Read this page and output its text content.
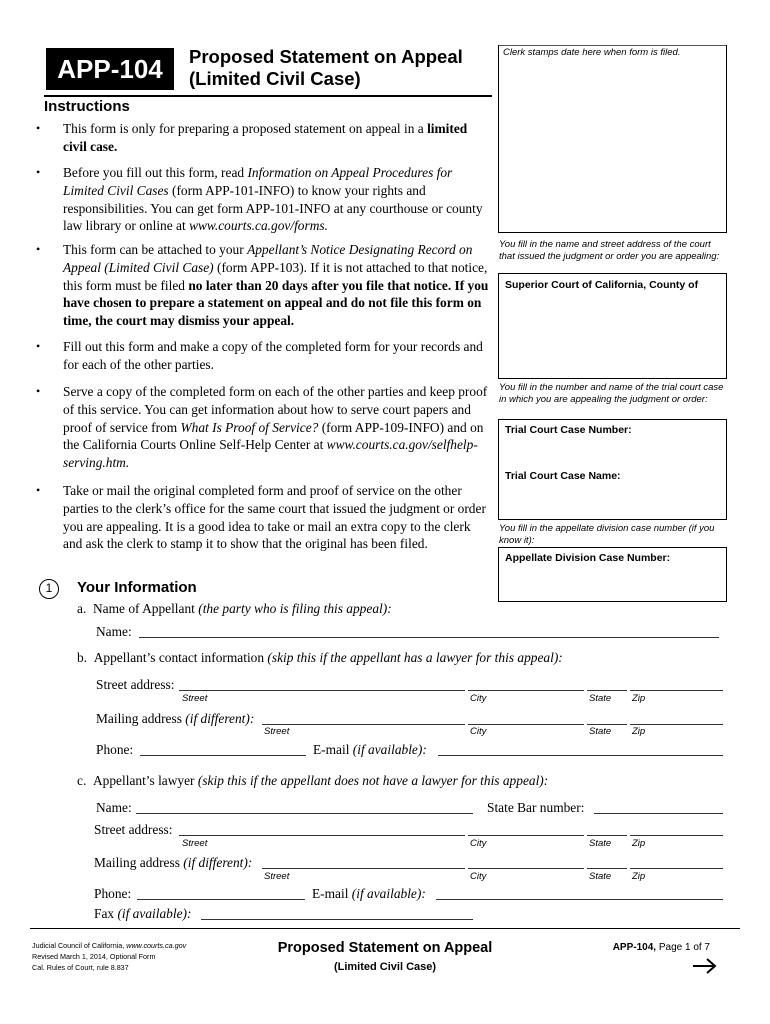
APP-104	Proposed Statement on Appeal
(Limited Civil Case)
Instructions
•	This form is only for preparing a proposed statement on appeal in a limited civil case.
•	Before you fill out this form, read Information on Appeal Procedures for Limited Civil Cases (form APP-101-INFO) to know your rights and responsibilities. You can get form APP-101-INFO at any courthouse or county law library or online at www.courts.ca.gov/forms.
•	This form can be attached to your Appellant’s Notice Designating Record on Appeal (Limited Civil Case) (form APP-103). If it is not attached to that notice, this form must be filed no later than 20 days after you file that notice. If you have chosen to prepare a statement on appeal and do not file this form on time, the court may dismiss your appeal.
•	Fill out this form and make a copy of the completed form for your records and for each of the other parties.
•	Serve a copy of the completed form on each of the other parties and keep proof of this service. You can get information about how to serve court papers and proof of service from What Is Proof of Service? (form APP-109-INFO) and on the California Courts Online Self-Help Center at www.courts.ca.gov/selfhelp-serving.htm.
•	Take or mail the original completed form and proof of service on the other parties to the clerk’s office for the same court that issued the judgment or order you are appealing. It is a good idea to take or mail an extra copy to the clerk and ask the clerk to stamp it to show that the original has been filed.
Clerk stamps date here when form is filed.
You fill in the name and street address of the court that issued the judgment or order you are appealing:
Superior Court of California, County of
You fill in the number and name of the trial court case in which you are appealing the judgment or order:
Trial Court Case Number:
Trial Court Case Name:
You fill in the appellate division case number (if you know it):
Appellate Division Case Number:
1	Your Information
a. Name of Appellant (the party who is filing this appeal):
Name:
b. Appellant’s contact information (skip this if the appellant has a lawyer for this appeal):
Street address:
Street	City	State Zip
Mailing address (if different):
Street	City	State Zip
Phone:	E-mail (if available):
c. Appellant’s lawyer (skip this if the appellant does not have a lawyer for this appeal):
Name:	State Bar number:
Street address:
Street	City	State Zip
Mailing address (if different):
Street	City	State Zip
Phone:	E-mail (if available):
Fax (if available):
Judicial Council of California, www.courts.ca.gov
Revised March 1, 2014, Optional Form
Cal. Rules of Court, rule 8.837
Proposed Statement on Appeal
(Limited Civil Case)
APP-104, Page 1 of 7
